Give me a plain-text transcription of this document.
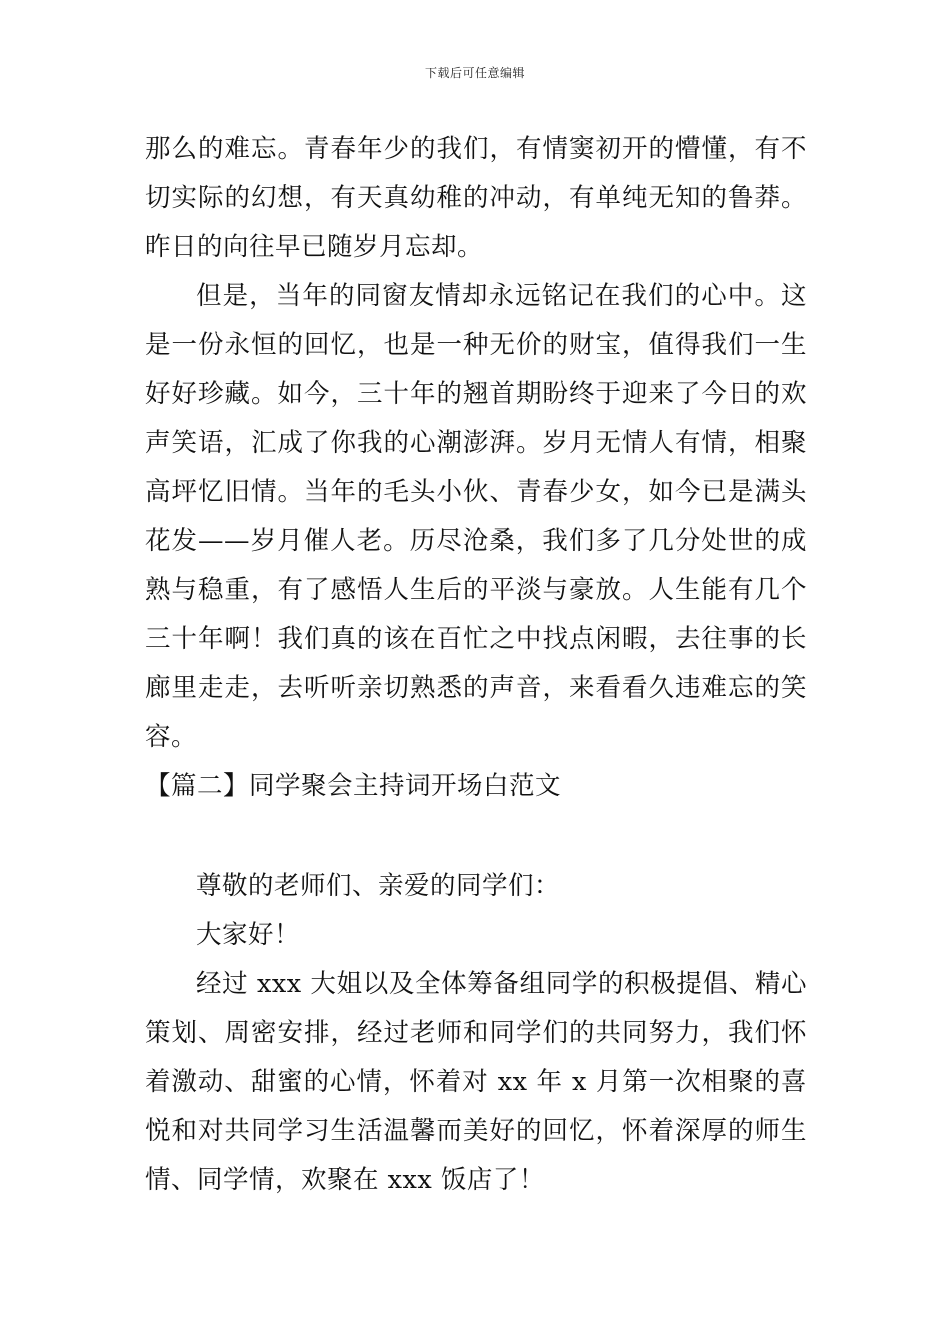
下载后可任意编辑

那么的难忘。青春年少的我们，有情窦初开的懵懂，有不切实际的幻想，有天真幼稚的冲动，有单纯无知的鲁莽。昨日的向往早已随岁月忘却。

但是，当年的同窗友情却永远铭记在我们的心中。这是一份永恒的回忆，也是一种无价的财宝，值得我们一生好好珍藏。如今，三十年的翘首期盼终于迎来了今日的欢声笑语，汇成了你我的心潮澎湃。岁月无情人有情，相聚高坪忆旧情。当年的毛头小伙、青春少女，如今已是满头花发——岁月催人老。历尽沧桑，我们多了几分处世的成熟与稳重，有了感悟人生后的平淡与豪放。人生能有几个三十年啊！我们真的该在百忙之中找点闲暇，去往事的长廊里走走，去听听亲切熟悉的声音，来看看久违难忘的笑容。

【篇二】同学聚会主持词开场白范文

尊敬的老师们、亲爱的同学们：

大家好！

经过 xxx 大姐以及全体筹备组同学的积极提倡、精心策划、周密安排，经过老师和同学们的共同努力，我们怀着激动、甜蜜的心情，怀着对 xx 年 x 月第一次相聚的喜悦和对共同学习生活温馨而美好的回忆，怀着深厚的师生情、同学情，欢聚在 xxx 饭店了！
